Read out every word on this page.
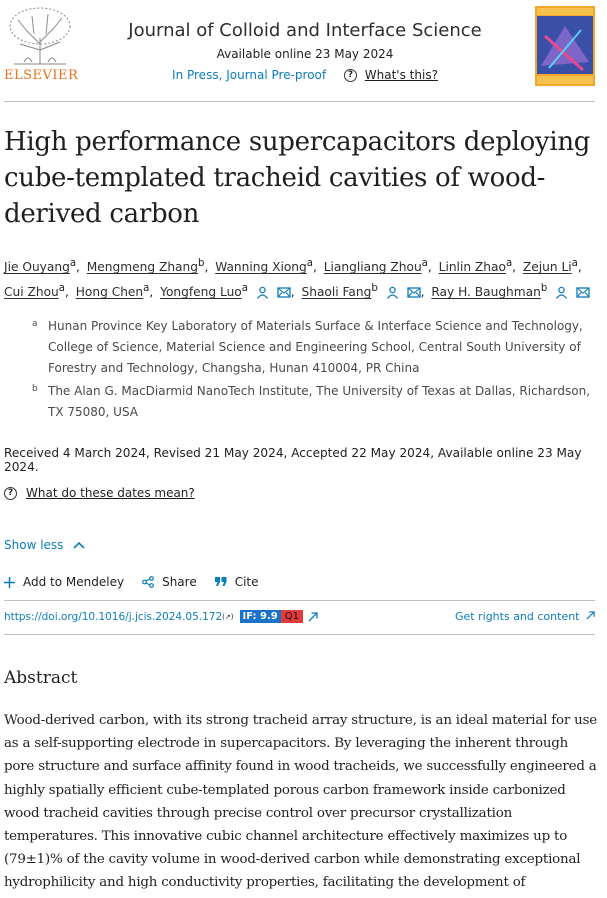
ELSEVIER
Journal of Colloid and Interface Science
Available online 23 May 2024
In Press, Journal Pre-proof ? What's this?
High performance supercapacitors deploying cube-templated tracheid cavities of wood-derived carbon
Jie Ouyang$^a$, Mengmeng Zhang$^b$, Wanning Xiong$^a$, Liangliang Zhou$^a$, Linlin Zhao$^a$, Zejun Li$^a$,
Cui Zhou$^a$, Hong Chen$^a$, Yongfeng Luo$^a$	, Shaoli Fang$^b$	, Ray H. Baughman$^b$
a Hunan Province Key Laboratory of Materials Surface & Interface Science and Technology, College of Science, Material Science and Engineering School, Central South University of Forestry and Technology, Changsha, Hunan 410004, PR China
b The Alan G. MacDiarmid NanoTech Institute, The University of Texas at Dallas, Richardson, TX 75080, USA
Received 4 March 2024, Revised 21 May 2024, Accepted 22 May 2024, Available online 23 May 2024.
? What do these dates mean?
Show less
Add to Mendeley	Share	Cite
https://doi.org/10.1016/j.jcis.2024.05.172 (↗) IF: 9.9 Q1	Get rights and content
Abstract

Wood-derived carbon, with its strong tracheid array structure, is an ideal material for use as a self-supporting electrode in supercapacitors. By leveraging the inherent through pore structure and surface affinity found in wood tracheids, we successfully engineered a highly spatially efficient cube-templated porous carbon framework inside carbonized wood tracheid cavities through precise control over precursor crystallization temperatures. This innovative cubic channel architecture effectively maximizes up to (79±1)% of the cavity volume in wood-derived carbon while demonstrating exceptional hydrophilicity and high conductivity properties, facilitating the development of
